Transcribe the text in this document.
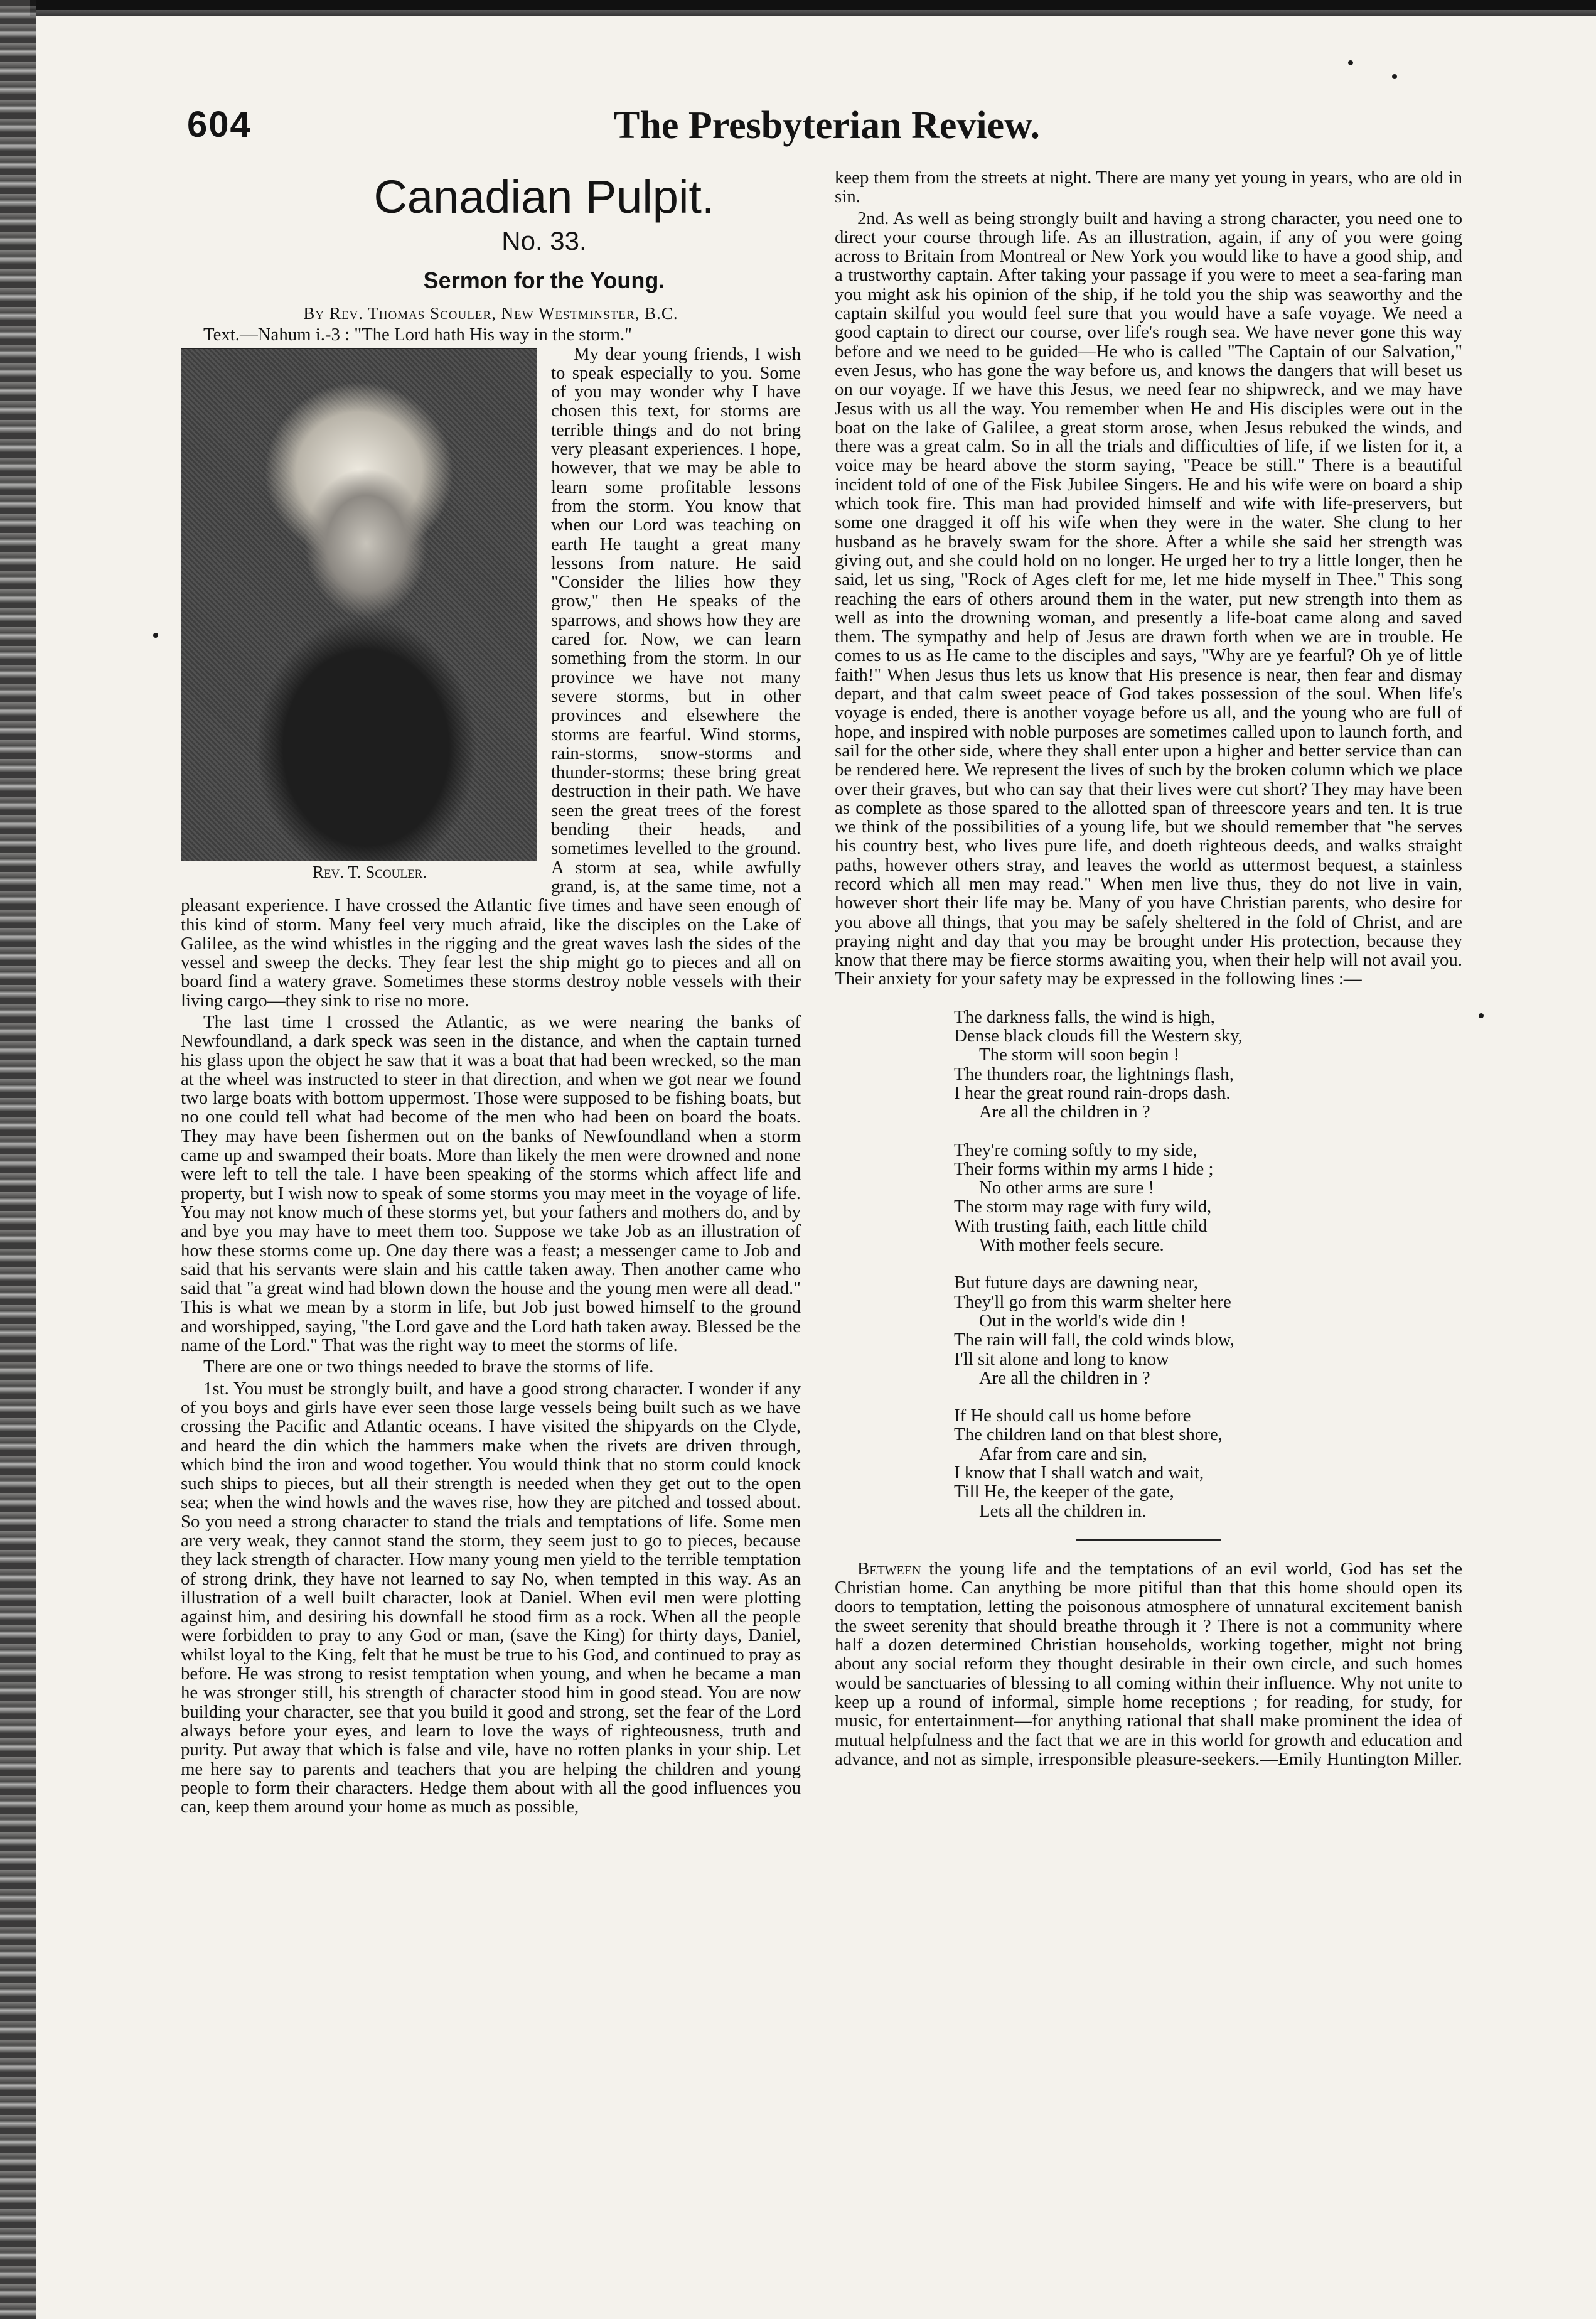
604	The Presbyterian Review.
Canadian Pulpit.
No. 33.
Sermon for the Young.
By Rev. Thomas Scouler, New Westminster, B.C.
Text.—Nahum i.-3 : "The Lord hath His way in the storm."

Rev. T. Scouler.
My dear young friends, I wish to speak especially to you. Some of you may wonder why I have chosen this text, for storms are terrible things and do not bring very pleasant experiences. I hope, however, that we may be able to learn some profitable lessons from the storm. You know that when our Lord was teaching on earth He taught a great many lessons from nature. He said "Consider the lilies how they grow," then He speaks of the sparrows, and shows how they are cared for. Now, we can learn something from the storm. In our province we have not many severe storms, but in other provinces and elsewhere the storms are fearful. Wind storms, rain-storms, snow-storms and thunder-storms; these bring great destruction in their path. We have seen the great trees of the forest bending their heads, and sometimes levelled to the ground. A storm at sea, while awfully grand, is, at the same time, not a pleasant experience. I have crossed the Atlantic five times and have seen enough of this kind of storm. Many feel very much afraid, like the disciples on the Lake of Galilee, as the wind whistles in the rigging and the great waves lash the sides of the vessel and sweep the decks. They fear lest the ship might go to pieces and all on board find a watery grave. Sometimes these storms destroy noble vessels with their living cargo—they sink to rise no more.

The last time I crossed the Atlantic, as we were nearing the banks of Newfoundland, a dark speck was seen in the distance, and when the captain turned his glass upon the object he saw that it was a boat that had been wrecked, so the man at the wheel was instructed to steer in that direction, and when we got near we found two large boats with bottom uppermost. Those were supposed to be fishing boats, but no one could tell what had become of the men who had been on board the boats. They may have been fishermen out on the banks of Newfoundland when a storm came up and swamped their boats. More than likely the men were drowned and none were left to tell the tale. I have been speaking of the storms which affect life and property, but I wish now to speak of some storms you may meet in the voyage of life. You may not know much of these storms yet, but your fathers and mothers do, and by and bye you may have to meet them too. Suppose we take Job as an illustration of how these storms come up. One day there was a feast; a messenger came to Job and said that his servants were slain and his cattle taken away. Then another came who said that "a great wind had blown down the house and the young men were all dead." This is what we mean by a storm in life, but Job just bowed himself to the ground and worshipped, saying, "the Lord gave and the Lord hath taken away. Blessed be the name of the Lord." That was the right way to meet the storms of life.

There are one or two things needed to brave the storms of life.

1st. You must be strongly built, and have a good strong character. I wonder if any of you boys and girls have ever seen those large vessels being built such as we have crossing the Pacific and Atlantic oceans. I have visited the shipyards on the Clyde, and heard the din which the hammers make when the rivets are driven through, which bind the iron and wood together. You would think that no storm could knock such ships to pieces, but all their strength is needed when they get out to the open sea; when the wind howls and the waves rise, how they are pitched and tossed about. So you need a strong character to stand the trials and temptations of life. Some men are very weak, they cannot stand the storm, they seem just to go to pieces, because they lack strength of character. How many young men yield to the terrible temptation of strong drink, they have not learned to say No, when tempted in this way. As an illustration of a well built character, look at Daniel. When evil men were plotting against him, and desiring his downfall he stood firm as a rock. When all the people were forbidden to pray to any God or man, (save the King) for thirty days, Daniel, whilst loyal to the King, felt that he must be true to his God, and continued to pray as before. He was strong to resist temptation when young, and when he became a man he was stronger still, his strength of character stood him in good stead. You are now building your character, see that you build it good and strong, set the fear of the Lord always before your eyes, and learn to love the ways of righteousness, truth and purity. Put away that which is false and vile, have no rotten planks in your ship. Let me here say to parents and teachers that you are helping the children and young people to form their characters. Hedge them about with all the good influences you can, keep them around your home as much as possible,

keep them from the streets at night. There are many yet young in years, who are old in sin.

2nd. As well as being strongly built and having a strong character, you need one to direct your course through life. As an illustration, again, if any of you were going across to Britain from Montreal or New York you would like to have a good ship, and a trustworthy captain. After taking your passage if you were to meet a sea-faring man you might ask his opinion of the ship, if he told you the ship was seaworthy and the captain skilful you would feel sure that you would have a safe voyage. We need a good captain to direct our course, over life's rough sea. We have never gone this way before and we need to be guided—He who is called "The Captain of our Salvation," even Jesus, who has gone the way before us, and knows the dangers that will beset us on our voyage. If we have this Jesus, we need fear no shipwreck, and we may have Jesus with us all the way. You remember when He and His disciples were out in the boat on the lake of Galilee, a great storm arose, when Jesus rebuked the winds, and there was a great calm. So in all the trials and difficulties of life, if we listen for it, a voice may be heard above the storm saying, "Peace be still." There is a beautiful incident told of one of the Fisk Jubilee Singers. He and his wife were on board a ship which took fire. This man had provided himself and wife with life-preservers, but some one dragged it off his wife when they were in the water. She clung to her husband as he bravely swam for the shore. After a while she said her strength was giving out, and she could hold on no longer. He urged her to try a little longer, then he said, let us sing, "Rock of Ages cleft for me, let me hide myself in Thee." This song reaching the ears of others around them in the water, put new strength into them as well as into the drowning woman, and presently a life-boat came along and saved them. The sympathy and help of Jesus are drawn forth when we are in trouble. He comes to us as He came to the disciples and says, "Why are ye fearful? Oh ye of little faith!" When Jesus thus lets us know that His presence is near, then fear and dismay depart, and that calm sweet peace of God takes possession of the soul. When life's voyage is ended, there is another voyage before us all, and the young who are full of hope, and inspired with noble purposes are sometimes called upon to launch forth, and sail for the other side, where they shall enter upon a higher and better service than can be rendered here. We represent the lives of such by the broken column which we place over their graves, but who can say that their lives were cut short? They may have been as complete as those spared to the allotted span of threescore years and ten. It is true we think of the possibilities of a young life, but we should remember that "he serves his country best, who lives pure life, and doeth righteous deeds, and walks straight paths, however others stray, and leaves the world as uttermost bequest, a stainless record which all men may read." When men live thus, they do not live in vain, however short their life may be. Many of you have Christian parents, who desire for you above all things, that you may be safely sheltered in the fold of Christ, and are praying night and day that you may be brought under His protection, because they know that there may be fierce storms awaiting you, when their help will not avail you. Their anxiety for your safety may be expressed in the following lines :—

The darkness falls, the wind is high,
Dense black clouds fill the Western sky,
The storm will soon begin !
The thunders roar, the lightnings flash,
I hear the great round rain-drops dash.
Are all the children in ?
They're coming softly to my side,
Their forms within my arms I hide ;
No other arms are sure !
The storm may rage with fury wild,
With trusting faith, each little child
With mother feels secure.
But future days are dawning near,
They'll go from this warm shelter here
Out in the world's wide din !
The rain will fall, the cold winds blow,
I'll sit alone and long to know
Are all the children in ?
If He should call us home before
The children land on that blest shore,
Afar from care and sin,
I know that I shall watch and wait,
Till He, the keeper of the gate,
Lets all the children in.

Between the young life and the temptations of an evil world, God has set the Christian home. Can anything be more pitiful than that this home should open its doors to temptation, letting the poisonous atmosphere of unnatural excitement banish the sweet serenity that should breathe through it ? There is not a community where half a dozen determined Christian households, working together, might not bring about any social reform they thought desirable in their own circle, and such homes would be sanctuaries of blessing to all coming within their influence. Why not unite to keep up a round of informal, simple home receptions ; for reading, for study, for music, for entertainment—for anything rational that shall make prominent the idea of mutual helpfulness and the fact that we are in this world for growth and education and advance, and not as simple, irresponsible pleasure-seekers.—Emily Huntington Miller.
